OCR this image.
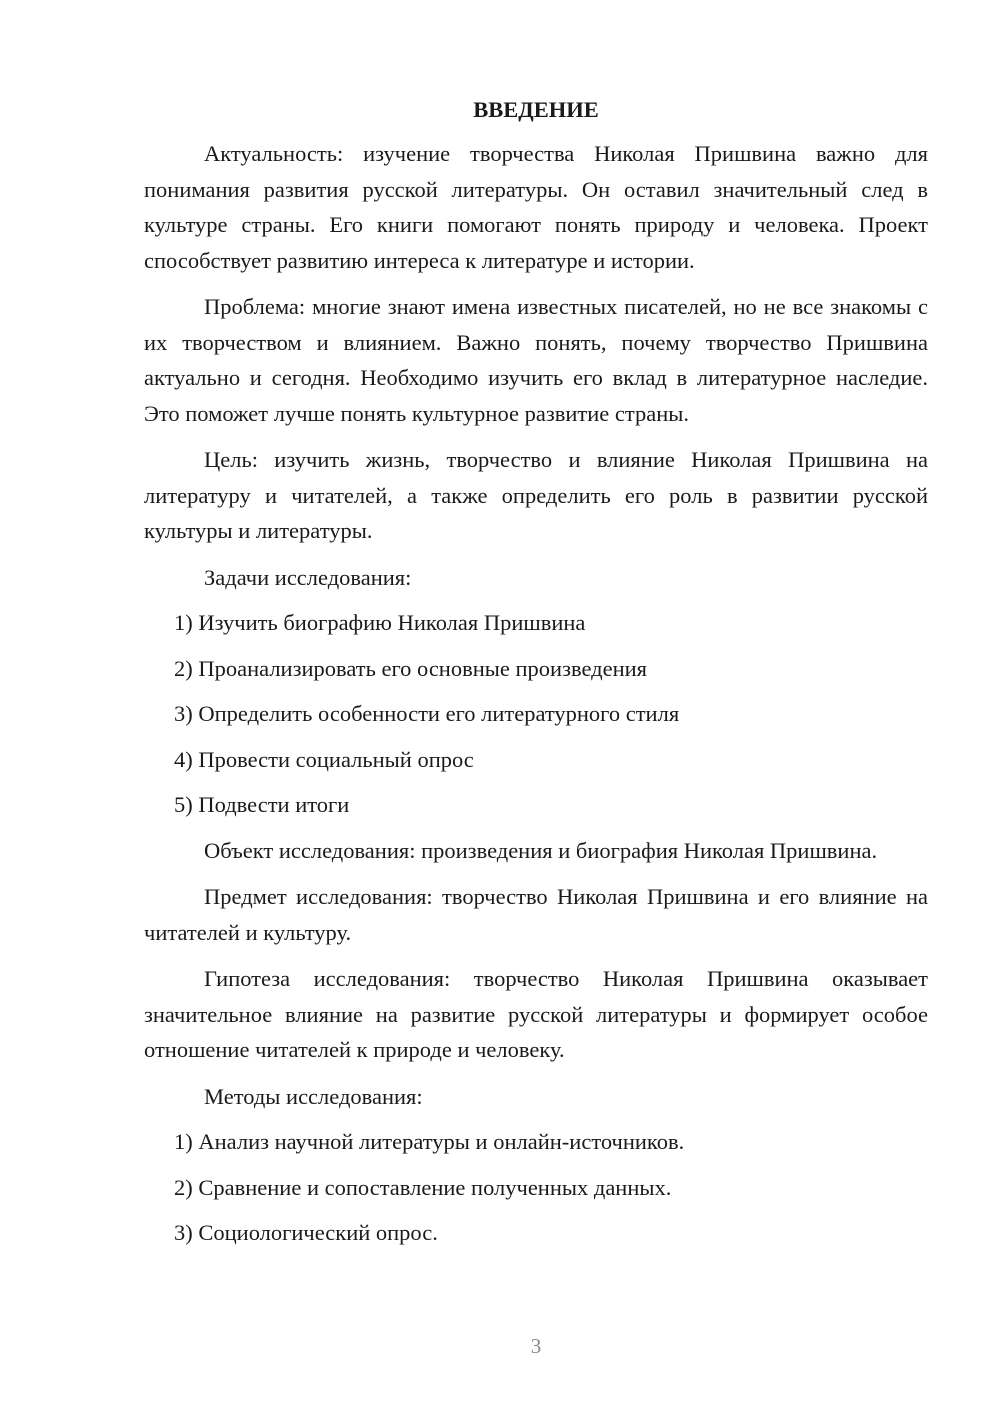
ВВЕДЕНИЕ
Актуальность: изучение творчества Николая Пришвина важно для понимания развития русской литературы. Он оставил значительный след в культуре страны. Его книги помогают понять природу и человека. Проект способствует развитию интереса к литературе и истории.
Проблема: многие знают имена известных писателей, но не все знакомы с их творчеством и влиянием. Важно понять, почему творчество Пришвина актуально и сегодня. Необходимо изучить его вклад в литературное наследие. Это поможет лучше понять культурное развитие страны.
Цель: изучить жизнь, творчество и влияние Николая Пришвина на литературу и читателей, а также определить его роль в развитии русской культуры и литературы.
Задачи исследования:
1) Изучить биографию Николая Пришвина
2) Проанализировать его основные произведения
3) Определить особенности его литературного стиля
4) Провести социальный опрос
5) Подвести итоги
Объект исследования: произведения и биография Николая Пришвина.
Предмет исследования: творчество Николая Пришвина и его влияние на читателей и культуру.
Гипотеза исследования: творчество Николая Пришвина оказывает значительное влияние на развитие русской литературы и формирует особое отношение читателей к природе и человеку.
Методы исследования:
1) Анализ научной литературы и онлайн-источников.
2) Сравнение и сопоставление полученных данных.
3) Социологический опрос.
3
